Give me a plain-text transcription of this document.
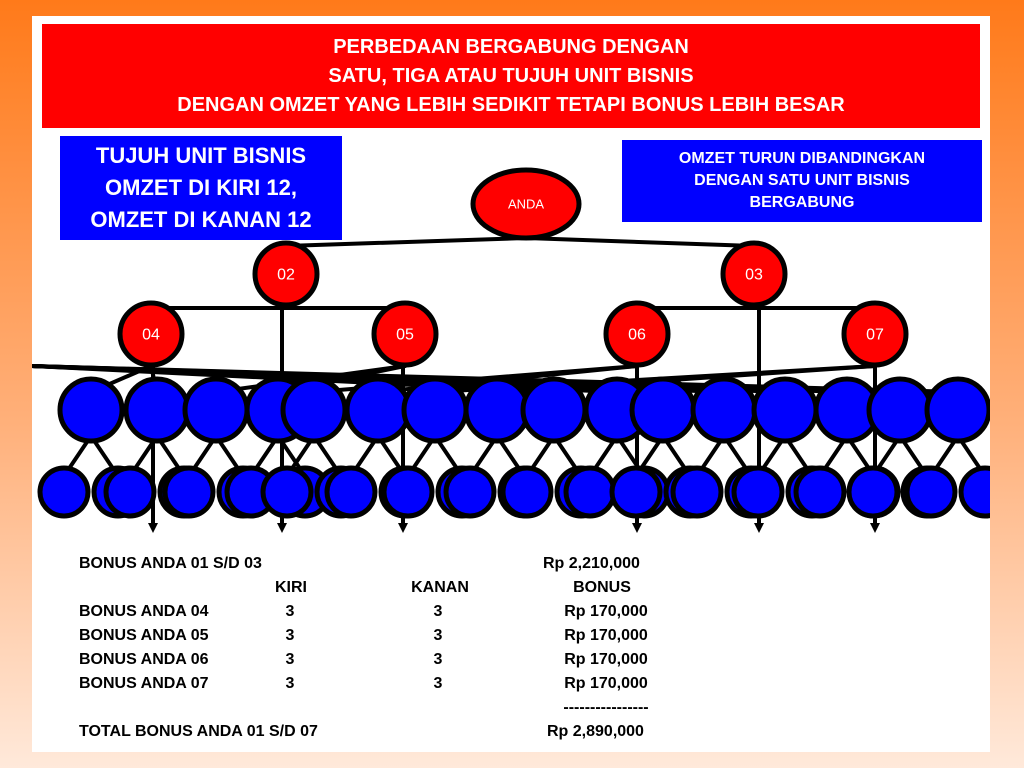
PERBEDAAN BERGABUNG DENGAN
SATU, TIGA ATAU TUJUH UNIT BISNIS
DENGAN OMZET YANG LEBIH SEDIKIT TETAPI BONUS LEBIH BESAR
TUJUH UNIT BISNIS
OMZET DI KIRI 12,
OMZET DI KANAN 12
OMZET TURUN DIBANDINGKAN
DENGAN SATU UNIT BISNIS
BERGABUNG
ANDA
02	03
04	05	06	07
BONUS ANDA 01 S/D 03	Rp 2,210,000
KIRI	KANAN	BONUS
BONUS ANDA 04	3	3	Rp 170,000
BONUS ANDA 05	3	3	Rp 170,000
BONUS ANDA 06	3	3	Rp 170,000
BONUS ANDA 07	3	3	Rp 170,000
----------------
TOTAL BONUS ANDA 01 S/D 07	Rp 2,890,000
